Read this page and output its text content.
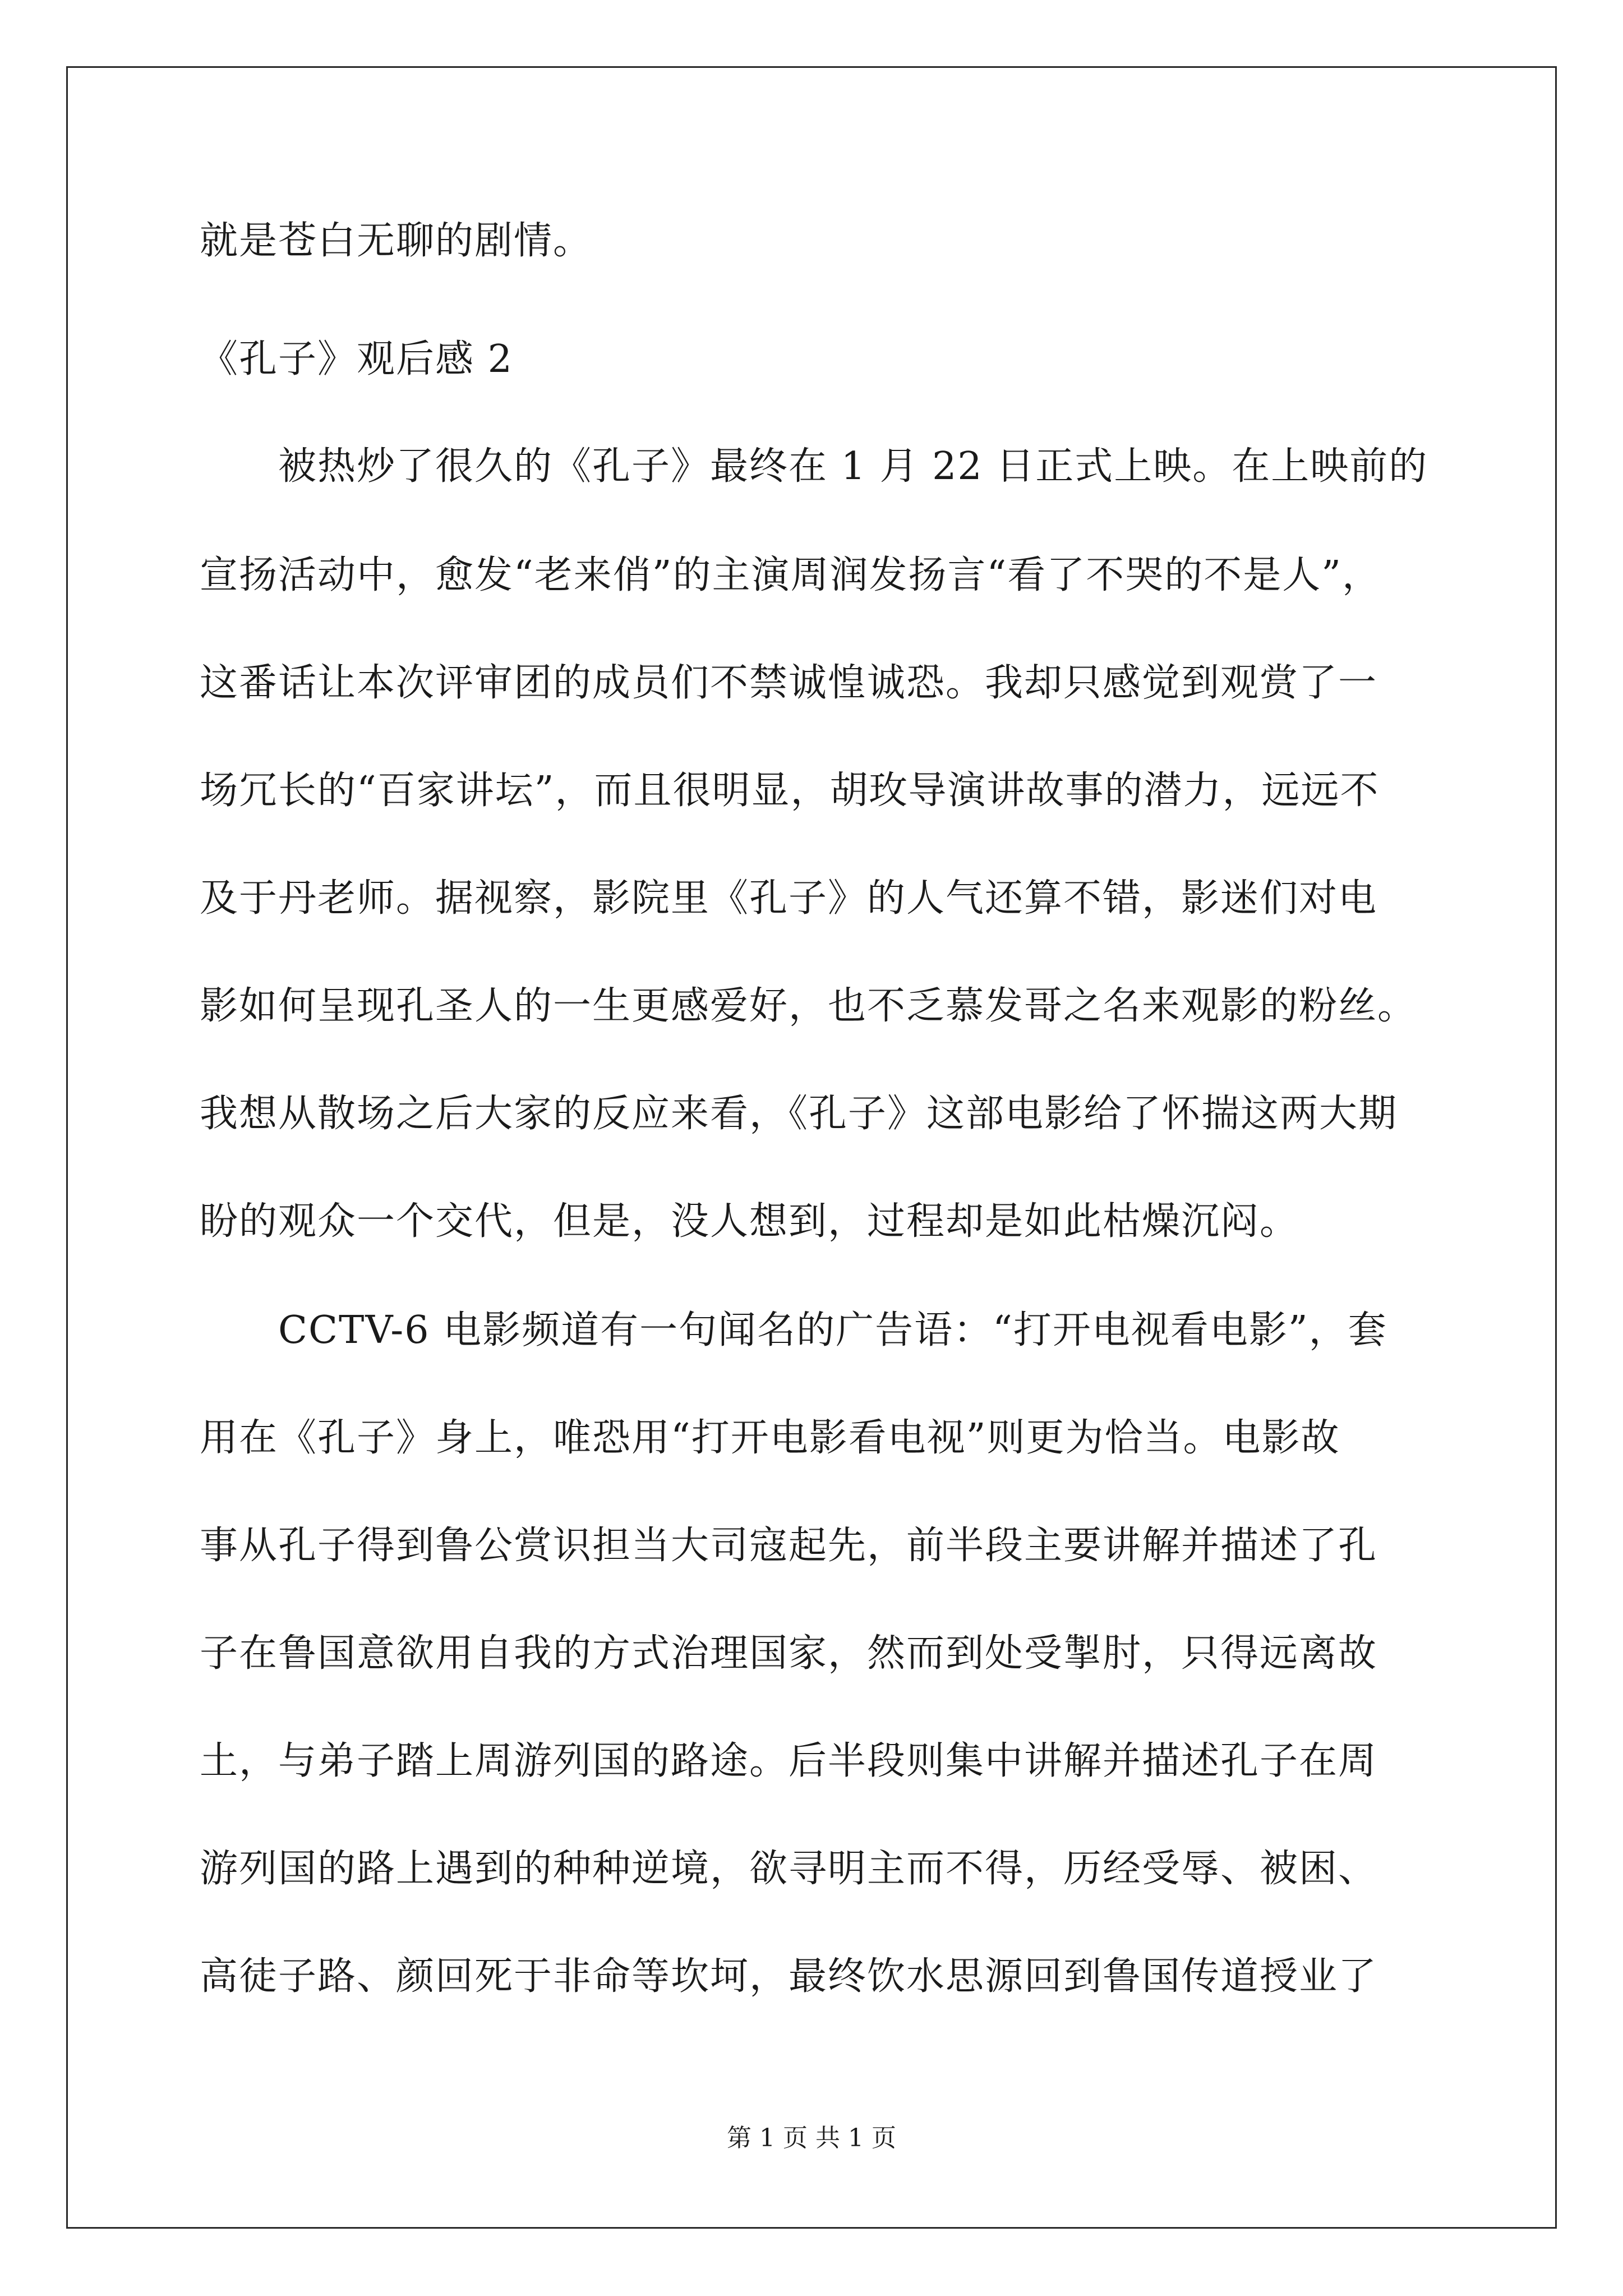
就是苍白无聊的剧情。
《孔子》观后感 2
被热炒了很久的《孔子》最终在 1 月 22 日正式上映。在上映前的
宣扬活动中，愈发“老来俏”的主演周润发扬言“看了不哭的不是人”，
这番话让本次评审团的成员们不禁诚惶诚恐。我却只感觉到观赏了一
场冗长的“百家讲坛”，而且很明显，胡玫导演讲故事的潜力，远远不
及于丹老师。据视察，影院里《孔子》的人气还算不错，影迷们对电
影如何呈现孔圣人的一生更感爱好，也不乏慕发哥之名来观影的粉丝。
我想从散场之后大家的反应来看，《孔子》这部电影给了怀揣这两大期
盼的观众一个交代，但是，没人想到，过程却是如此枯燥沉闷。
CCTV-6 电影频道有一句闻名的广告语：“打开电视看电影”，套
用在《孔子》身上，唯恐用“打开电影看电视”则更为恰当。电影故
事从孔子得到鲁公赏识担当大司寇起先，前半段主要讲解并描述了孔
子在鲁国意欲用自我的方式治理国家，然而到处受掣肘，只得远离故
土，与弟子踏上周游列国的路途。后半段则集中讲解并描述孔子在周
游列国的路上遇到的种种逆境，欲寻明主而不得，历经受辱、被困、
高徒子路、颜回死于非命等坎坷，最终饮水思源回到鲁国传道授业了
第 1 页 共 1 页
